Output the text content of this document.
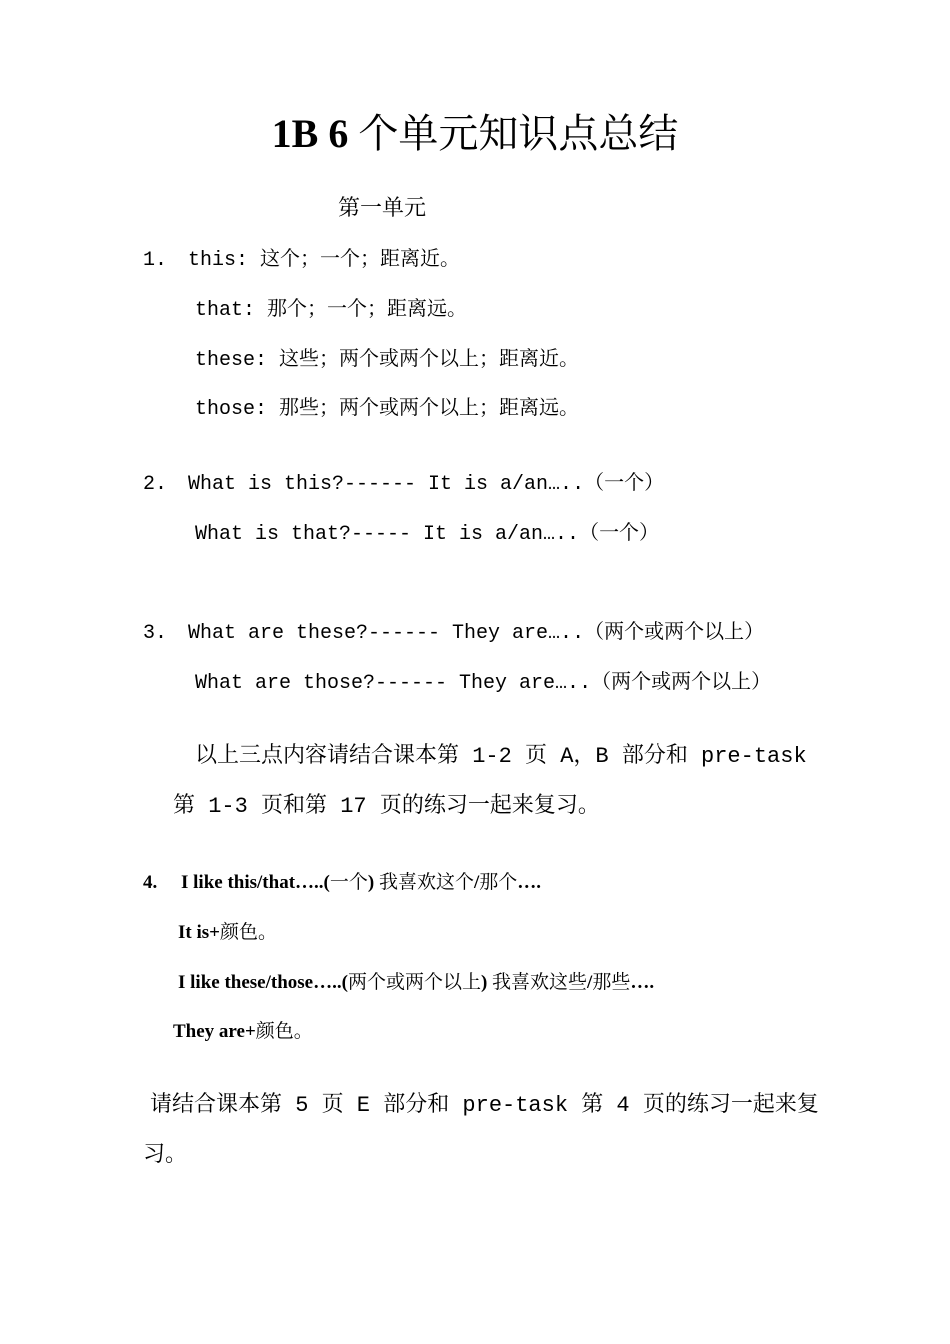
1B 6 个单元知识点总结
第一单元
1. this: 这个；一个；距离近。
that: 那个；一个；距离远。
these: 这些；两个或两个以上；距离近。
those: 那些；两个或两个以上；距离远。
2. What is this?------ It is a/an…..（一个）
What is that?----- It is a/an…..（一个）
3. What are these?------ They are…..（两个或两个以上）
What are those?------ They are…..（两个或两个以上）
以上三点内容请结合课本第 1-2 页 A，B 部分和 pre-task
第 1-3 页和第 17 页的练习一起来复习。
4. I like this/that…..(一个) 我喜欢这个/那个….
It is+颜色。
I like these/those…..(两个或两个以上) 我喜欢这些/那些….
They are+颜色。
请结合课本第 5 页 E 部分和 pre-task 第 4 页的练习一起来复
习。
